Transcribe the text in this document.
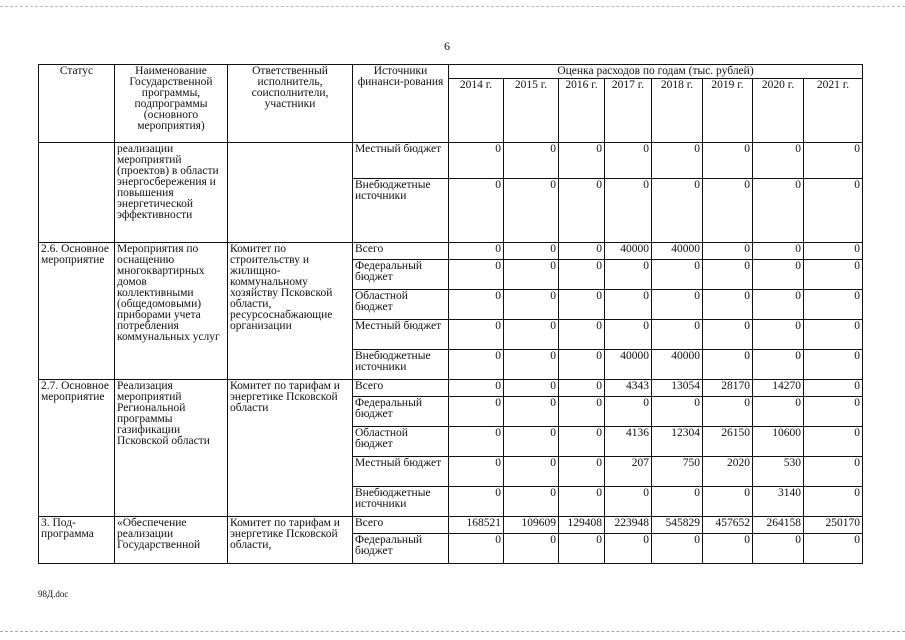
6
Статус	Наименование Государственной программы, подпрограммы (основного мероприятия)	Ответственный исполнитель, соисполнители, участники	Источники финанси-рования	Оценка расходов по годам (тыс. рублей)							
				2014 г.	2015 г.	2016 г.	2017 г.	2018 г.	2019 г.	2020 г.	2021 г.
	реализации мероприятий (проектов) в области энергосбережения и повышения энергетической эффективности		Местный бюджет	0	0	0	0	0	0	0	0
			Внебюджетные источники	0	0	0	0	0	0	0	0
2.6. Основное мероприятие	Мероприятия по оснащению многоквартирных домов коллективными (общедомовыми) приборами учета потребления коммунальных услуг	Комитет по строительству и жилищно-коммунальному хозяйству Псковской области, ресурсоснабжающие организации	Всего	0	0	0	40000	40000	0	0	0
			Федеральный бюджет	0	0	0	0	0	0	0	0
			Областной бюджет	0	0	0	0	0	0	0	0
			Местный бюджет	0	0	0	0	0	0	0	0
			Внебюджетные источники	0	0	0	40000	40000	0	0	0
2.7. Основное мероприятие	Реализация мероприятий Региональной программы газификации Псковской области	Комитет по тарифам и энергетике Псковской области	Всего	0	0	0	4343	13054	28170	14270	0
			Федеральный бюджет	0	0	0	0	0	0	0	0
			Областной бюджет	0	0	0	4136	12304	26150	10600	0
			Местный бюджет	0	0	0	207	750	2020	530	0
			Внебюджетные источники	0	0	0	0	0	0	3140	0
3. Под-программа	«Обеспечение реализации Государственной	Комитет по тарифам и энергетике Псковской области,	Всего	168521	109609	129408	223948	545829	457652	264158	250170
			Федеральный бюджет	0	0	0	0	0	0	0	0
98Д.doc
